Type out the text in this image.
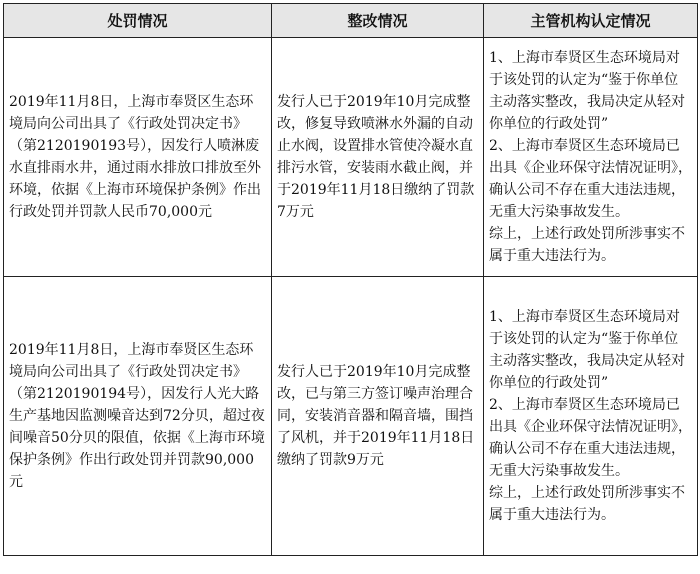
处罚情况	整改情况	主管机构认定情况
2019年11月8日，上海市奉贤区生态环境局向公司出具了《行政处罚决定书》（第2120190193号），因发行人喷淋废水直排雨水井，通过雨水排放口排放至外环境，依据《上海市环境保护条例》作出行政处罚并罚款人民币70,000元	发行人已于2019年10月完成整改，修复导致喷淋水外漏的自动止水阀，设置排水管使冷凝水直排污水管，安装雨水截止阀，并于2019年11月18日缴纳了罚款7万元	1、上海市奉贤区生态环境局对于该处罚的认定为“鉴于你单位主动落实整改，我局决定从轻对你单位的行政处罚”
2、上海市奉贤区生态环境局已出具《企业环保守法情况证明》，确认公司不存在重大违法违规，无重大污染事故发生。
综上，上述行政处罚所涉事实不属于重大违法行为。

2019年11月8日，上海市奉贤区生态环境局向公司出具了《行政处罚决定书》（第2120190194号），因发行人光大路生产基地因监测噪音达到72分贝，超过夜间噪音50分贝的限值，依据《上海市环境保护条例》作出行政处罚并罚款90,000元	发行人已于2019年10月完成整改，已与第三方签订噪声治理合同，安装消音器和隔音墙，围挡了风机，并于2019年11月18日缴纳了罚款9万元	1、上海市奉贤区生态环境局对于该处罚的认定为“鉴于你单位主动落实整改，我局决定从轻对你单位的行政处罚”
2、上海市奉贤区生态环境局已出具《企业环保守法情况证明》，确认公司不存在重大违法违规，无重大污染事故发生。
综上，上述行政处罚所涉事实不属于重大违法行为。
